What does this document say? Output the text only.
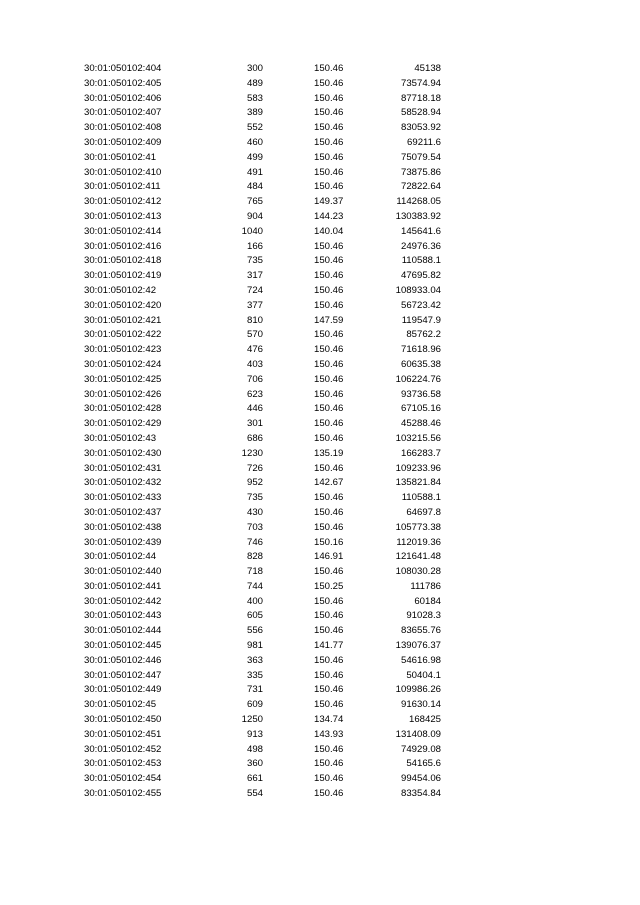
30:01:050102:404	300	150.46	45138
30:01:050102:405	489	150.46	73574.94
30:01:050102:406	583	150.46	87718.18
30:01:050102:407	389	150.46	58528.94
30:01:050102:408	552	150.46	83053.92
30:01:050102:409	460	150.46	69211.6
30:01:050102:41	499	150.46	75079.54
30:01:050102:410	491	150.46	73875.86
30:01:050102:411	484	150.46	72822.64
30:01:050102:412	765	149.37	114268.05
30:01:050102:413	904	144.23	130383.92
30:01:050102:414	1040	140.04	145641.6
30:01:050102:416	166	150.46	24976.36
30:01:050102:418	735	150.46	110588.1
30:01:050102:419	317	150.46	47695.82
30:01:050102:42	724	150.46	108933.04
30:01:050102:420	377	150.46	56723.42
30:01:050102:421	810	147.59	119547.9
30:01:050102:422	570	150.46	85762.2
30:01:050102:423	476	150.46	71618.96
30:01:050102:424	403	150.46	60635.38
30:01:050102:425	706	150.46	106224.76
30:01:050102:426	623	150.46	93736.58
30:01:050102:428	446	150.46	67105.16
30:01:050102:429	301	150.46	45288.46
30:01:050102:43	686	150.46	103215.56
30:01:050102:430	1230	135.19	166283.7
30:01:050102:431	726	150.46	109233.96
30:01:050102:432	952	142.67	135821.84
30:01:050102:433	735	150.46	110588.1
30:01:050102:437	430	150.46	64697.8
30:01:050102:438	703	150.46	105773.38
30:01:050102:439	746	150.16	112019.36
30:01:050102:44	828	146.91	121641.48
30:01:050102:440	718	150.46	108030.28
30:01:050102:441	744	150.25	111786
30:01:050102:442	400	150.46	60184
30:01:050102:443	605	150.46	91028.3
30:01:050102:444	556	150.46	83655.76
30:01:050102:445	981	141.77	139076.37
30:01:050102:446	363	150.46	54616.98
30:01:050102:447	335	150.46	50404.1
30:01:050102:449	731	150.46	109986.26
30:01:050102:45	609	150.46	91630.14
30:01:050102:450	1250	134.74	168425
30:01:050102:451	913	143.93	131408.09
30:01:050102:452	498	150.46	74929.08
30:01:050102:453	360	150.46	54165.6
30:01:050102:454	661	150.46	99454.06
30:01:050102:455	554	150.46	83354.84
